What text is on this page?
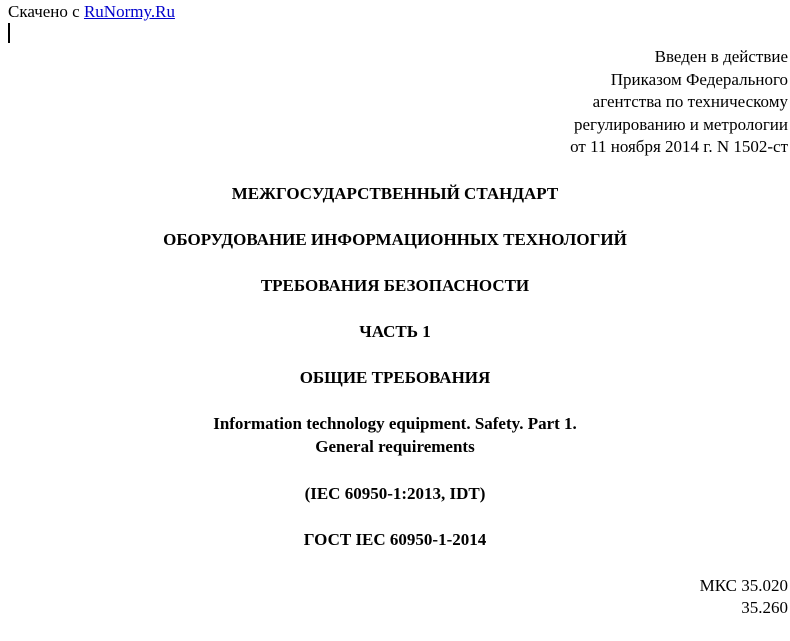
Скачено с RuNormy.Ru
Введен в действие
Приказом Федерального
агентства по техническому
регулированию и метрологии
от 11 ноября 2014 г. N 1502-ст
МЕЖГОСУДАРСТВЕННЫЙ СТАНДАРТ
ОБОРУДОВАНИЕ ИНФОРМАЦИОННЫХ ТЕХНОЛОГИЙ
ТРЕБОВАНИЯ БЕЗОПАСНОСТИ
ЧАСТЬ 1
ОБЩИЕ ТРЕБОВАНИЯ
Information technology equipment. Safety. Part 1.
General requirements
(IEC 60950-1:2013, IDT)
ГОСТ IEC 60950-1-2014
МКС 35.020
35.260
